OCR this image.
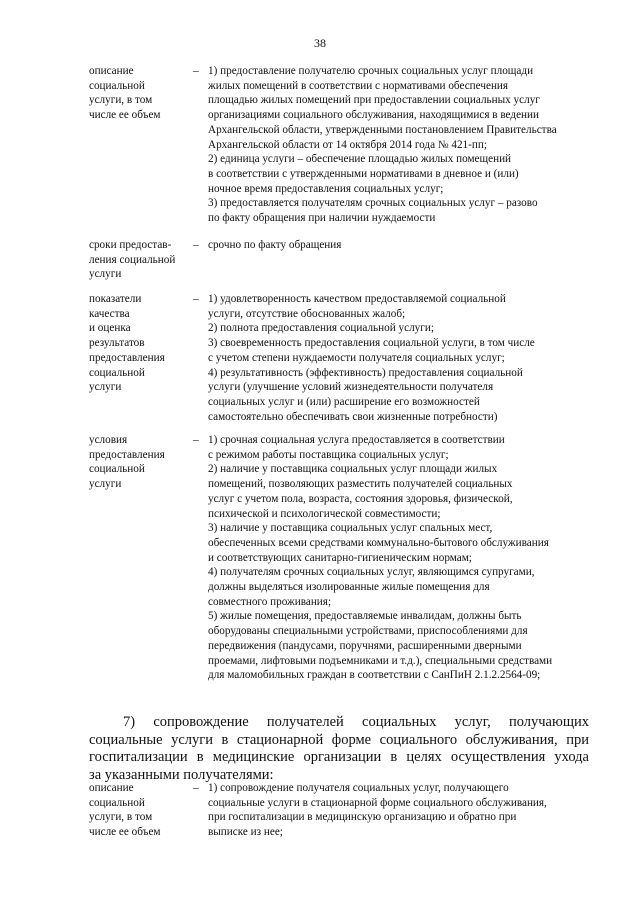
38
описание
социальной
услуги, в том
числе ее объем
– 1) предоставление получателю срочных социальных услуг площади
жилых помещений в соответствии с нормативами обеспечения
площадью жилых помещений при предоставлении социальных услуг
организациями социального обслуживания, находящимися в ведении
Архангельской области, утвержденными постановлением Правительства
Архангельской области от 14 октября 2014 года № 421-пп;
2) единица услуги – обеспечение площадью жилых помещений
в соответствии с утвержденными нормативами в дневное и (или)
ночное время предоставления социальных услуг;
3) предоставляется получателям срочных социальных услуг – разово
по факту обращения при наличии нуждаемости
сроки предостав-
ления социальной
услуги
– срочно по факту обращения
показатели
качества
и оценка
результатов
предоставления
социальной
услуги
– 1) удовлетворенность качеством предоставляемой социальной
услуги, отсутствие обоснованных жалоб;
2) полнота предоставления социальной услуги;
3) своевременность предоставления социальной услуги, в том числе
с учетом степени нуждаемости получателя социальных услуг;
4) результативность (эффективность) предоставления социальной
услуги (улучшение условий жизнедеятельности получателя
социальных услуг и (или) расширение его возможностей
самостоятельно обеспечивать свои жизненные потребности)
условия
предоставления
социальной
услуги
– 1) срочная социальная услуга предоставляется в соответствии
с режимом работы поставщика социальных услуг;
2) наличие у поставщика социальных услуг площади жилых
помещений, позволяющих разместить получателей социальных
услуг с учетом пола, возраста, состояния здоровья, физической,
психической и психологической совместимости;
3) наличие у поставщика социальных услуг спальных мест,
обеспеченных всеми средствами коммунально-бытового обслуживания
и соответствующих санитарно-гигиеническим нормам;
4) получателям срочных социальных услуг, являющимся супругами,
должны выделяться изолированные жилые помещения для
совместного проживания;
5) жилые помещения, предоставляемые инвалидам, должны быть
оборудованы специальными устройствами, приспособлениями для
передвижения (пандусами, поручнями, расширенными дверными
проемами, лифтовыми подъемниками и т.д.), специальными средствами
для маломобильных граждан в соответствии с СанПиН 2.1.2.2564-09;
7) сопровождение получателей социальных услуг, получающих
социальные услуги в стационарной форме социального обслуживания, при
госпитализации в медицинские организации в целях осуществления ухода
за указанными получателями:
описание
социальной
услуги, в том
числе ее объем
– 1) сопровождение получателя социальных услуг, получающего
социальные услуги в стационарной форме социального обслуживания,
при госпитализации в медицинскую организацию и обратно при
выписке из нее;
